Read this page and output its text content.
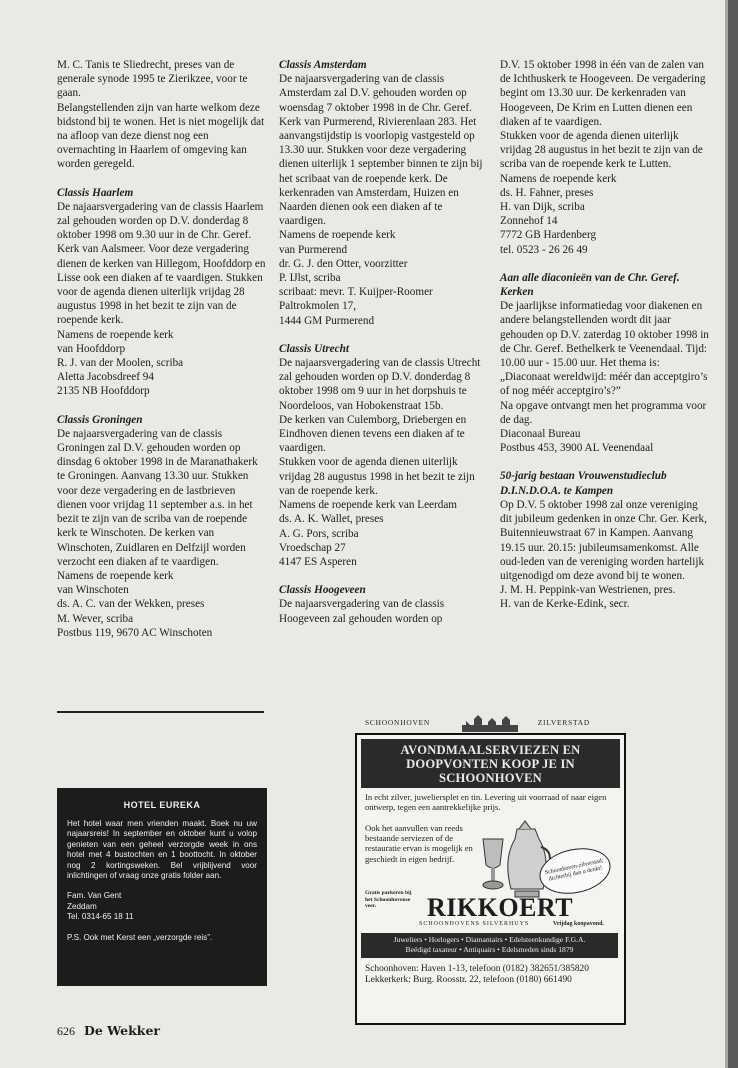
M. C. Tanis te Sliedrecht, preses van de generale synode 1995 te Zierikzee, voor te gaan.

Belangstellenden zijn van harte welkom deze bidstond bij te wonen. Het is niet mogelijk dat na afloop van deze dienst nog een overnachting in Haarlem of omgeving kan worden geregeld.

Classis Haarlem

De najaarsvergadering van de classis Haarlem zal gehouden worden op D.V. donderdag 8 oktober 1998 om 9.30 uur in de Chr. Geref. Kerk van Aalsmeer. Voor deze vergadering dienen de kerken van Hillegom, Hoofddorp en Lisse ook een diaken af te vaardigen. Stukken voor de agenda dienen uiterlijk vrijdag 28 augustus 1998 in het bezit te zijn van de roepende kerk.

Namens de roepende kerk

van Hoofddorp

R. J. van der Moolen, scriba

Aletta Jacobsdreef 94

2135 NB Hoofddorp

Classis Groningen

De najaarsvergadering van de classis Groningen zal D.V. gehouden worden op dinsdag 6 oktober 1998 in de Maranathakerk te Groningen. Aanvang 13.30 uur. Stukken voor deze vergadering en de lastbrieven dienen voor vrijdag 11 september a.s. in het bezit te zijn van de scriba van de roepende kerk te Winschoten. De kerken van Winschoten, Zuidlaren en Delfzijl worden verzocht een diaken af te vaardigen.

Namens de roepende kerk

van Winschoten

ds. A. C. van der Wekken, preses

M. Wever, scriba

Postbus 119, 9670 AC Winschoten

Classis Amsterdam

De najaarsvergadering van de classis Amsterdam zal D.V. gehouden worden op woensdag 7 oktober 1998 in de Chr. Geref. Kerk van Purmerend, Rivierenlaan 283. Het aanvangstijdstip is voorlopig vastgesteld op 13.30 uur. Stukken voor deze vergadering dienen uiterlijk 1 september binnen te zijn bij het scribaat van de roepende kerk. De kerkenraden van Amsterdam, Huizen en Naarden dienen ook een diaken af te vaardigen.

Namens de roepende kerk

van Purmerend

dr. G. J. den Otter, voorzitter

P. IJlst, scriba

scribaat: mevr. T. Kuijper-Roomer

Paltrokmolen 17,

1444 GM Purmerend

Classis Utrecht

De najaarsvergadering van de classis Utrecht zal gehouden worden op D.V. donderdag 8 oktober 1998 om 9 uur in het dorpshuis te Noordeloos, van Hobokenstraat 15b.

De kerken van Culemborg, Driebergen en Eindhoven dienen tevens een diaken af te vaardigen.

Stukken voor de agenda dienen uiterlijk vrijdag 28 augustus 1998 in het bezit te zijn van de roepende kerk.

Namens de roepende kerk van Leerdam

ds. A. K. Wallet, preses

A. G. Pors, scriba

Vroedschap 27

4147 ES Asperen

Classis Hoogeveen

De najaarsvergadering van de classis Hoogeveen zal gehouden worden op

D.V. 15 oktober 1998 in één van de zalen van de Ichthuskerk te Hoogeveen. De vergadering begint om 13.30 uur. De kerkenraden van Hoogeveen, De Krim en Lutten dienen een diaken af te vaardigen.

Stukken voor de agenda dienen uiterlijk vrijdag 28 augustus in het bezit te zijn van de scriba van de roepende kerk te Lutten.

Namens de roepende kerk

ds. H. Fahner, preses

H. van Dijk, scriba

Zonnehof 14

7772 GB Hardenberg

tel. 0523 - 26 26 49

Aan alle diaconieën van de Chr. Geref. Kerken

De jaarlijkse informatiedag voor diakenen en andere belangstellenden wordt dit jaar gehouden op D.V. zaterdag 10 oktober 1998 in de Chr. Geref. Bethelkerk te Veenendaal. Tijd: 10.00 uur - 15.00 uur. Het thema is: „Diaconaat wereldwijd: méér dan acceptgiro’s of nog méér acceptgiro’s?”

Na opgave ontvangt men het programma voor de dag.

Diaconaal Bureau

Postbus 453, 3900 AL Veenendaal

50-jarig bestaan Vrouwenstudieclub D.I.N.D.O.A. te Kampen

Op D.V. 5 oktober 1998 zal onze vereniging dit jubileum gedenken in onze Chr. Ger. Kerk, Buitennieuwstraat 67 in Kampen. Aanvang 19.15 uur. 20.15: jubileumsamenkomst. Alle oud-leden van de vereniging worden hartelijk uitgenodigd om deze avond bij te wonen.

J. M. H. Peppink-van Westrienen, pres.

H. van de Kerke-Edink, secr.

HOTEL EUREKA
Het hotel waar men vrienden maakt. Boek nu uw najaarsreis! In september en oktober kunt u volop genieten van een geheel verzorgde week in ons hotel met 4 bustochten en 1 boottocht. In oktober nog 2 kortingsweken. Bel vrijblijvend voor inlichtingen of vraag onze gratis folder aan.
Fam. Van Gent
Zeddam
Tel. 0314-65 18 11
P.S. Ook met Kerst een „verzorgde reis”.
SCHOONHOVEN	ZILVERSTAD
AVONDMAALSERVIEZEN EN DOOPVONTEN KOOP JE IN SCHOONHOVEN
In echt zilver, juweliersplet en tin. Levering uit voorraad of naar eigen ontwerp, tegen een aantrekkelijke prijs.
Ook het aanvullen van reeds bestaande serviezen of de restauratie ervan is mogelijk en geschiedt in eigen bedrijf.	Schoonhoven-zilverstad; dichterbij dan u denkt!
Gratis parkeren bij het Schoonhovense veer.	RIKKOERT
SCHOONHOVENS SILVERHUYS	Vrijdag koopavond.
Juweliers • Horlogers • Diamantairs • Edelsteenkundige F.G.A.
Beëdigd taxateur • Antiquairs • Edelsmeden sinds 1879
Schoonhoven: Haven 1-13, telefoon (0182) 382651/385820
Lekkerkerk: Burg. Roosstr. 22, telefoon (0180) 661490
626 De Wekker
